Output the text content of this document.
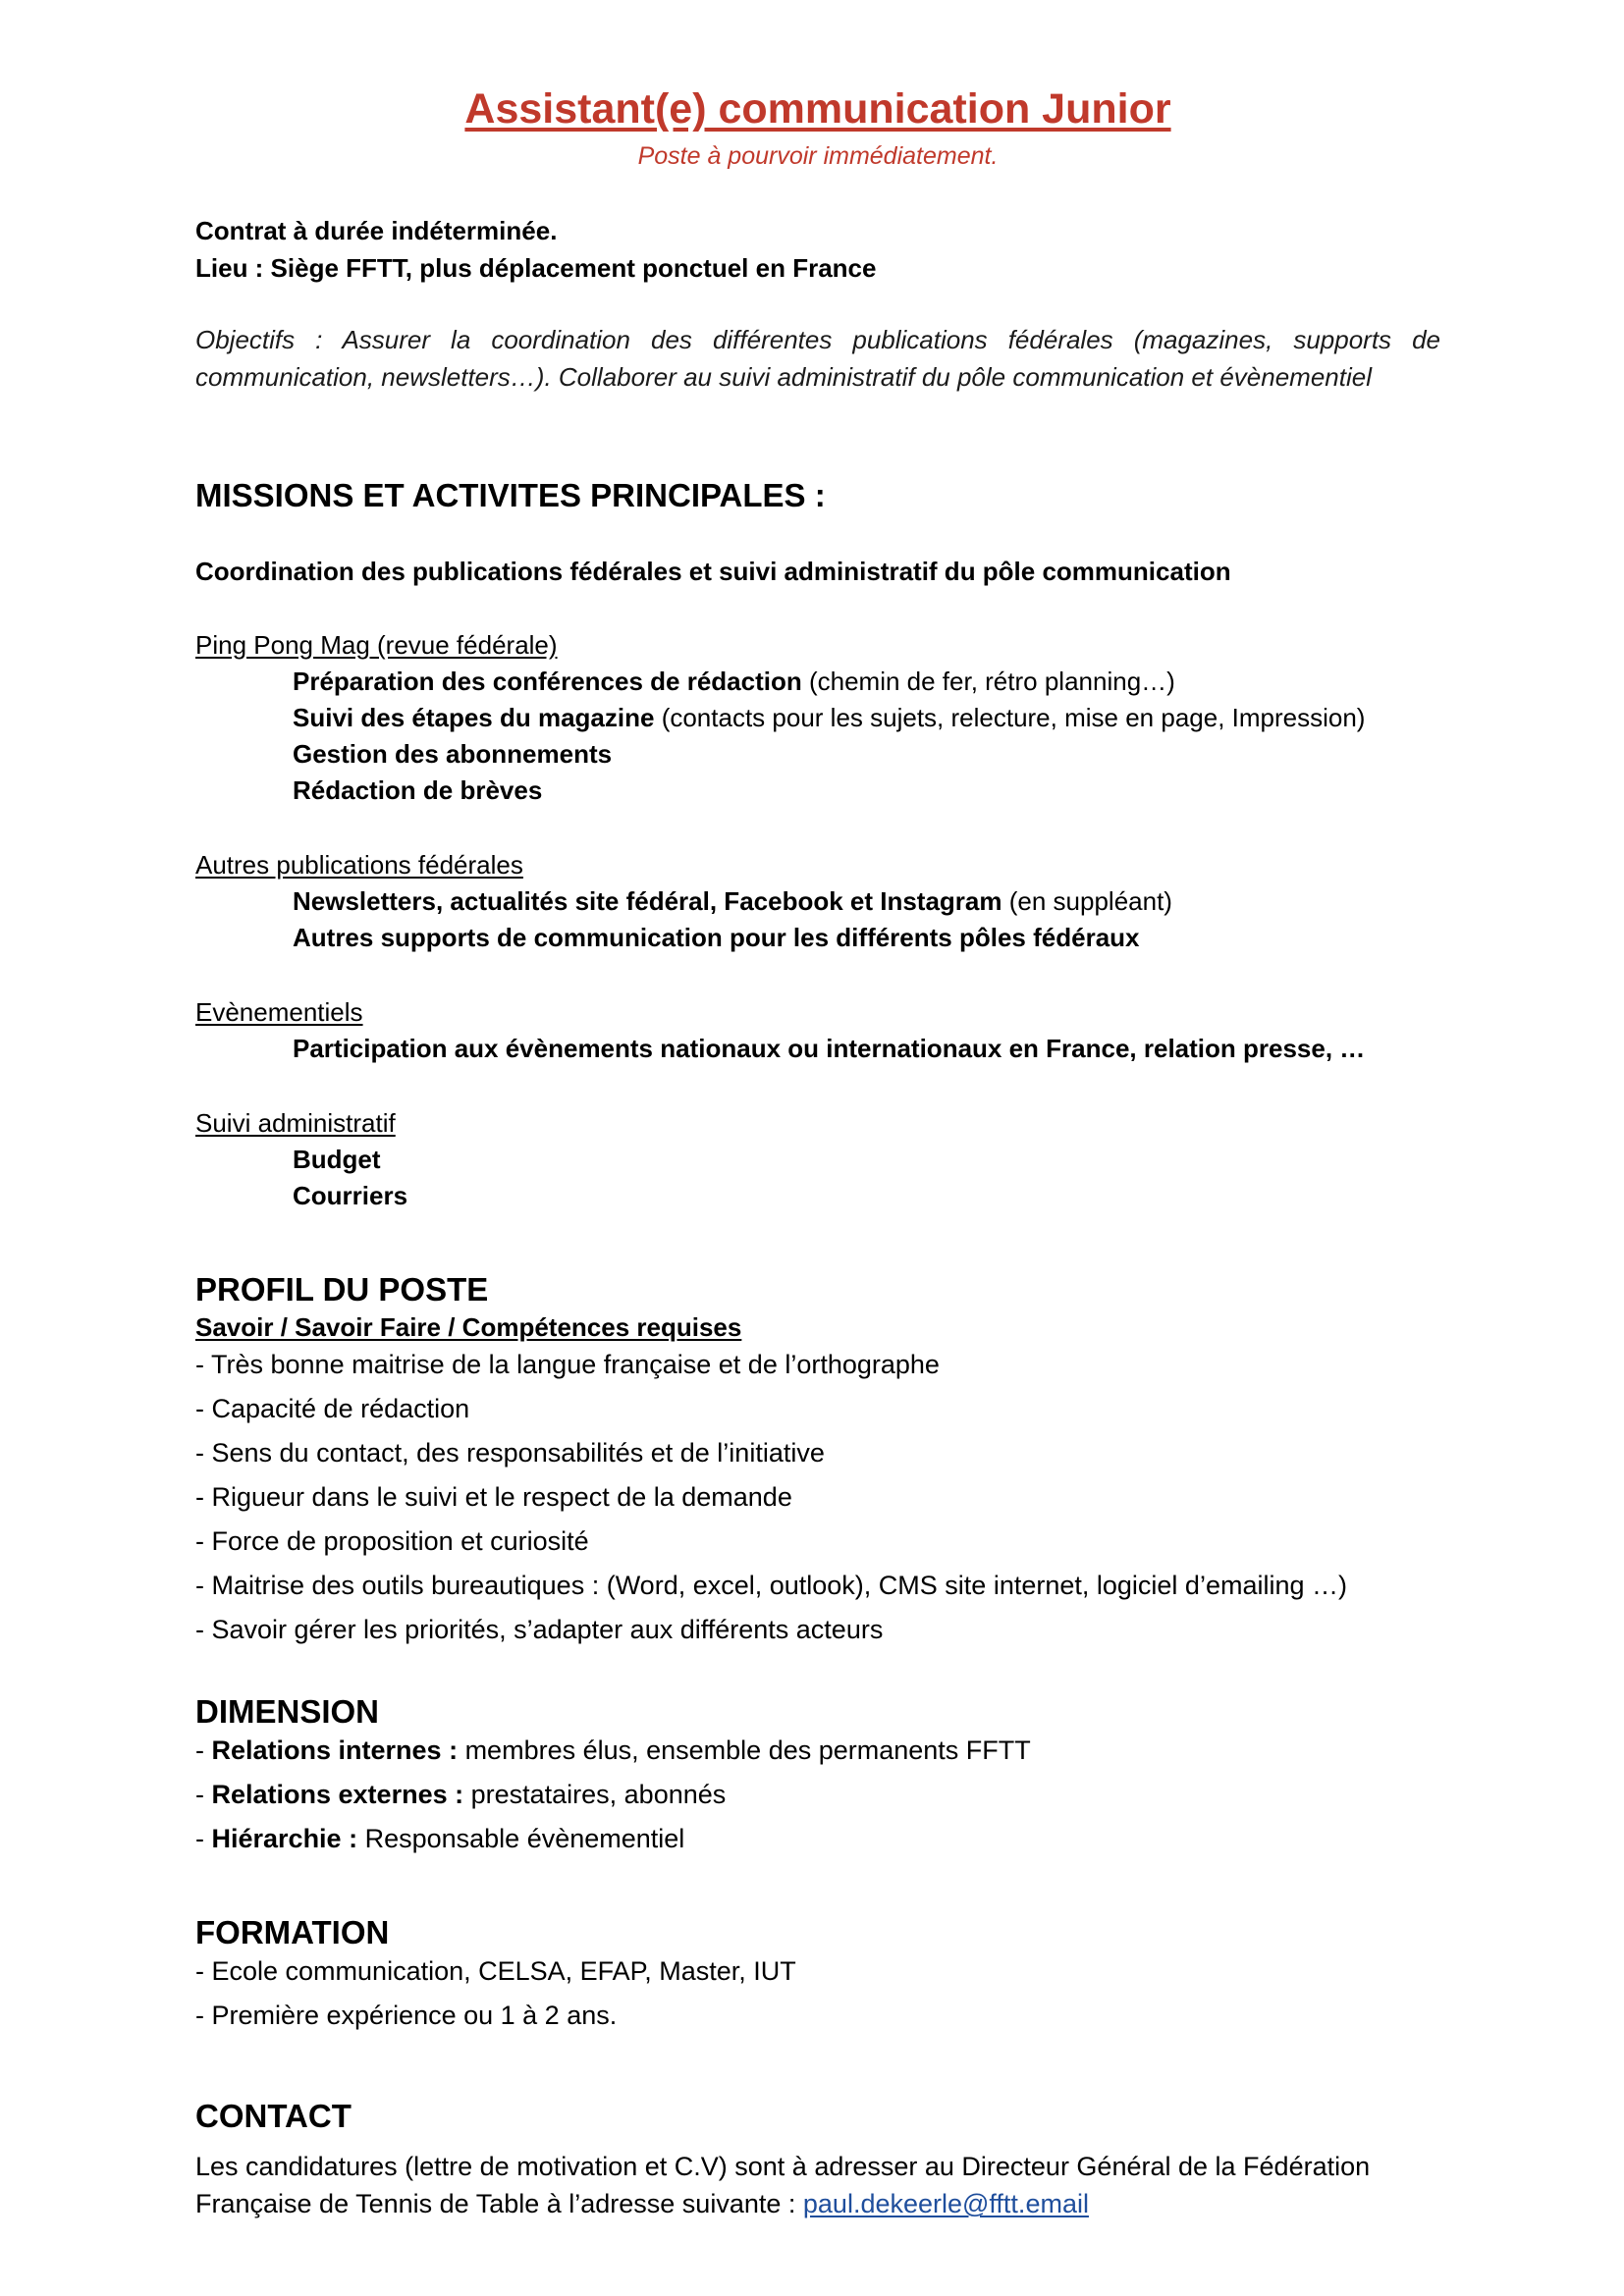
Assistant(e) communication Junior
Poste à pourvoir immédiatement.
Contrat à durée indéterminée.
Lieu : Siège FFTT, plus déplacement ponctuel en France
Objectifs : Assurer la coordination des différentes publications fédérales (magazines, supports de communication, newsletters…). Collaborer au suivi administratif du pôle communication et évènementiel
MISSIONS ET ACTIVITES PRINCIPALES :
Coordination des publications fédérales et suivi administratif du pôle communication
Ping Pong Mag (revue fédérale)
Préparation des conférences de rédaction (chemin de fer, rétro planning…)
Suivi des étapes du magazine (contacts pour les sujets, relecture, mise en page, Impression)
Gestion des abonnements
Rédaction de brèves
Autres publications fédérales
Newsletters, actualités site fédéral, Facebook et Instagram (en suppléant)
Autres supports de communication pour les différents pôles fédéraux
Evènementiels
Participation aux évènements nationaux ou internationaux en France, relation presse, …
Suivi administratif
Budget
Courriers
PROFIL DU POSTE
Savoir / Savoir Faire / Compétences requises
- Très bonne maitrise de la langue française et de l’orthographe
- Capacité de rédaction
- Sens du contact, des responsabilités et de l’initiative
- Rigueur dans le suivi et le respect de la demande
- Force de proposition et curiosité
- Maitrise des outils bureautiques : (Word, excel, outlook), CMS site internet, logiciel d’emailing …)
- Savoir gérer les priorités, s’adapter aux différents acteurs
DIMENSION
- Relations internes : membres élus, ensemble des permanents FFTT
- Relations externes : prestataires, abonnés
- Hiérarchie : Responsable évènementiel
FORMATION
- Ecole communication, CELSA, EFAP, Master, IUT
- Première expérience ou 1 à 2 ans.
CONTACT
Les candidatures (lettre de motivation et C.V) sont à adresser au Directeur Général de la Fédération
Française de Tennis de Table à l’adresse suivante : paul.dekeerle@fftt.email
